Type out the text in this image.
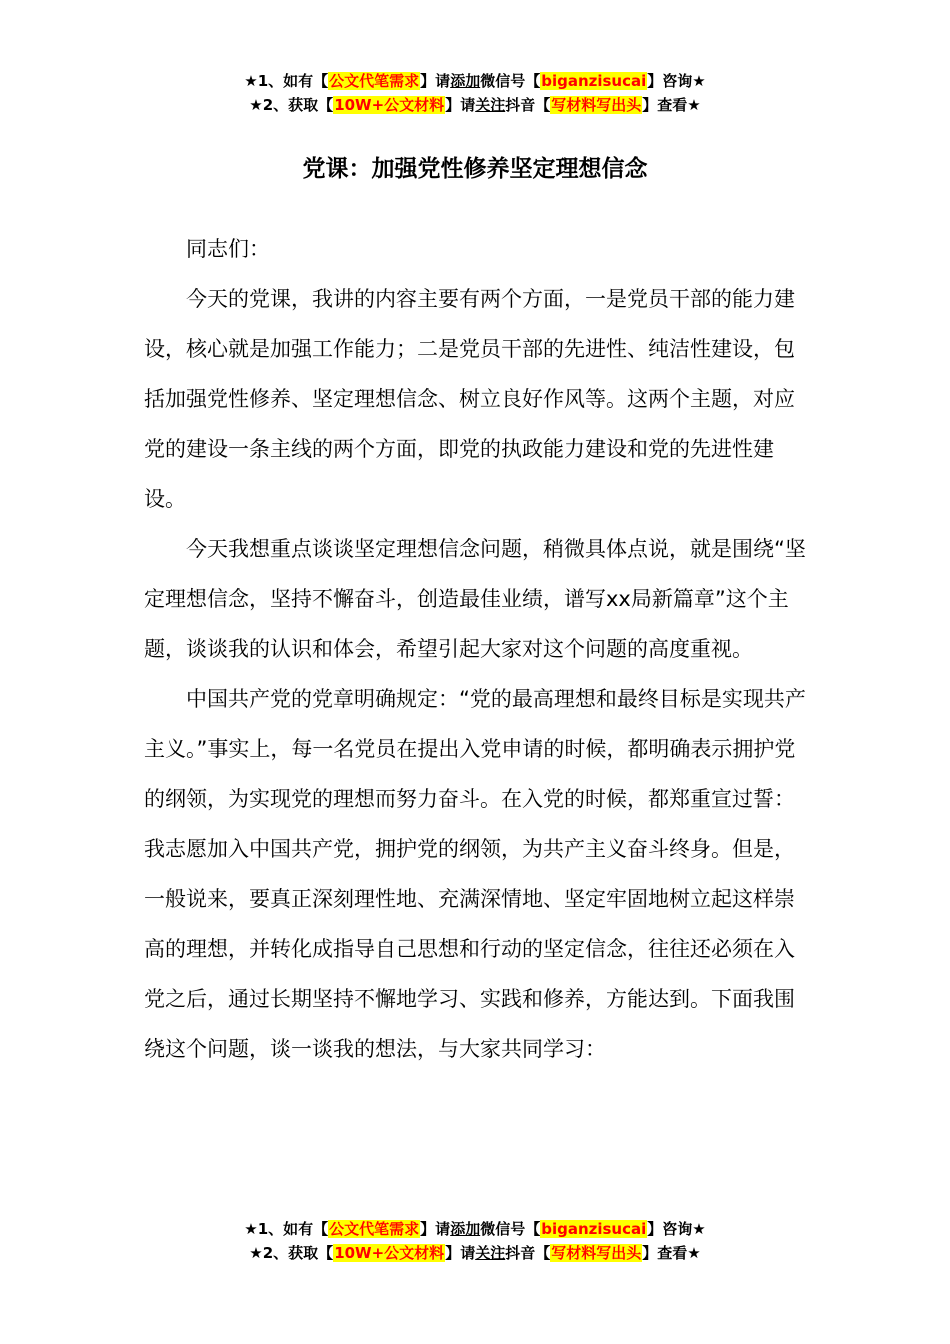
★1、如有【公文代笔需求】请添加微信号【biganzisucai】咨询★
★2、获取【10W+公文材料】请关注抖音【写材料写出头】查看★
党课：加强党性修养坚定理想信念

同志们：

今天的党课，我讲的内容主要有两个方面，一是党员干部的能力建设，核心就是加强工作能力；二是党员干部的先进性、纯洁性建设，包括加强党性修养、坚定理想信念、树立良好作风等。这两个主题，对应党的建设一条主线的两个方面，即党的执政能力建设和党的先进性建设。

今天我想重点谈谈坚定理想信念问题，稍微具体点说，就是围绕“坚定理想信念，坚持不懈奋斗，创造最佳业绩，谱写xx局新篇章”这个主题，谈谈我的认识和体会，希望引起大家对这个问题的高度重视。

中国共产党的党章明确规定：“党的最高理想和最终目标是实现共产主义。”事实上，每一名党员在提出入党申请的时候，都明确表示拥护党的纲领，为实现党的理想而努力奋斗。在入党的时候，都郑重宣过誓：我志愿加入中国共产党，拥护党的纲领，为共产主义奋斗终身。但是，一般说来，要真正深刻理性地、充满深情地、坚定牢固地树立起这样崇高的理想，并转化成指导自己思想和行动的坚定信念，往往还必须在入党之后，通过长期坚持不懈地学习、实践和修养，方能达到。下面我围绕这个问题，谈一谈我的想法，与大家共同学习：

★1、如有【公文代笔需求】请添加微信号【biganzisucai】咨询★
★2、获取【10W+公文材料】请关注抖音【写材料写出头】查看★
